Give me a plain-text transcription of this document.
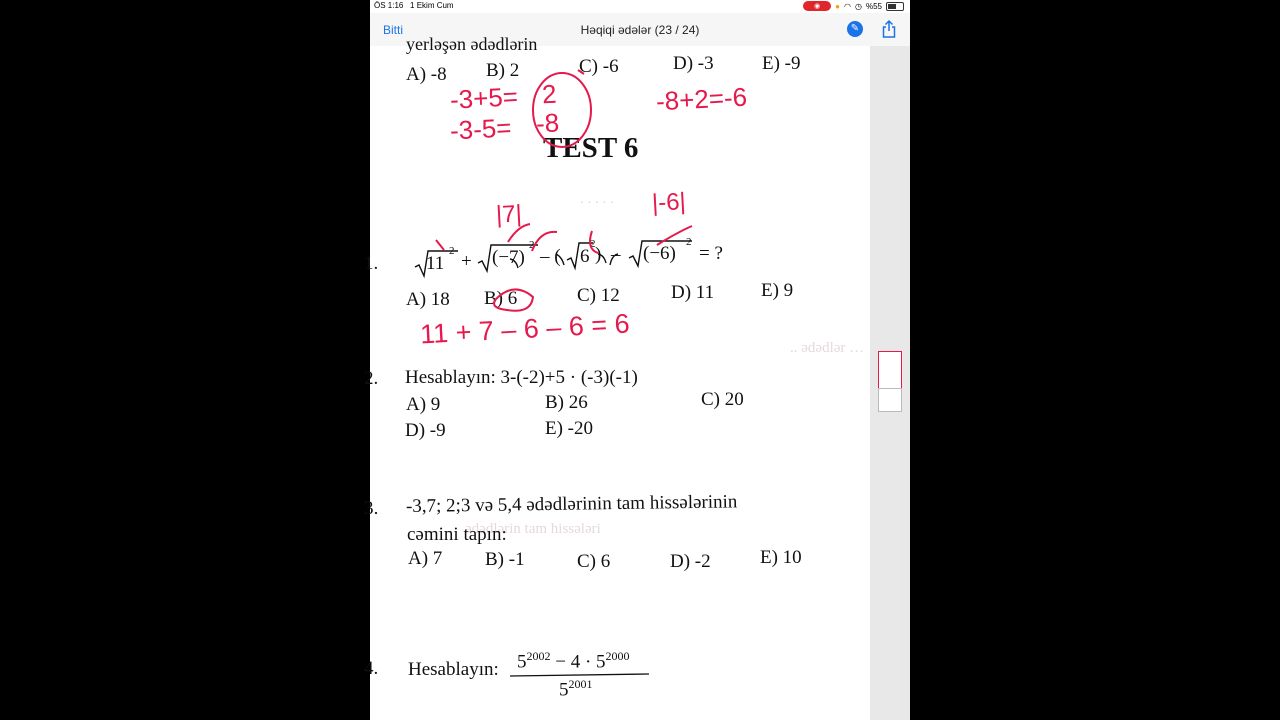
ÖS 1:16 1 Ekim Cum	◉	● ◠ ◷ %55
Bitti	Həqiqi ədələr (23 / 24)	✎
.. ədədlər …
ədədlərin tam hissələri
. . . . .
yerləşən ədədlərin
A) -8 B) 2	C) -6	D) -3	E) -9
-3+5= 2
-3-5= -8
-8+2=-6
TEST 6
1.	11 + (−7) – ( 6 ) – (−6) = ?
2	2	2	2
A) 18 B) 6	C) 12	D) 11 E) 9
|7|	|-6|
11 + 7 – 6 – 6 = 6
2. Hesablayın: 3-(-2)+5 · (-3)(-1)
A) 9	B) 26	C) 20
D) -9	E) -20
3. -3,7; 2;3 və 5,4 ədədlərinin tam hissələrinin
cəmini tapın:
A) 7 B) -1	C) 6	D) -2	E) 10
4. Hesablayın: $5^{2002} - 4 \cdot 5^{2000}$
$5^{2001}$
